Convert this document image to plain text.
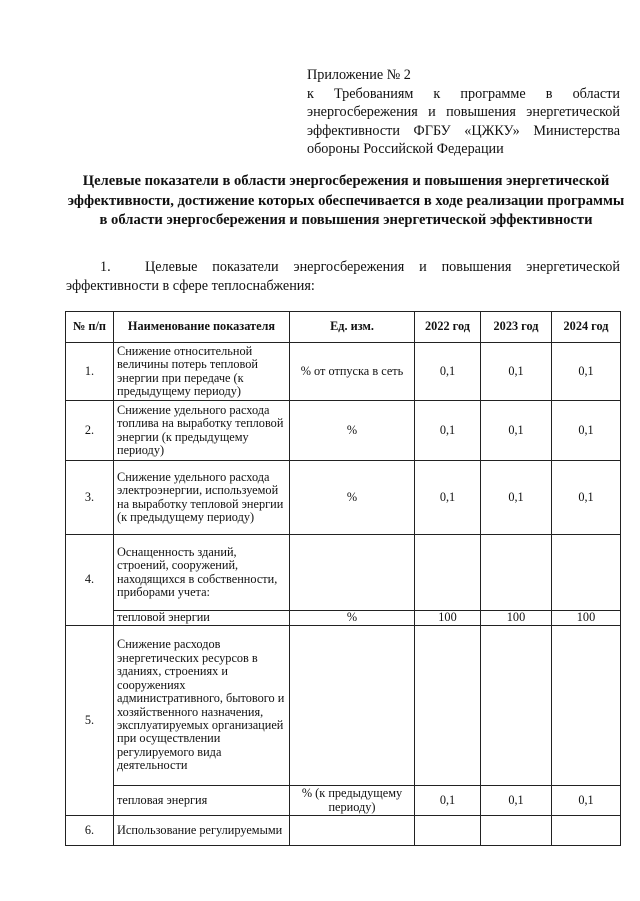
Приложение № 2
к Требованиям к программе в области энергосбережения и повышения энергетической эффективности ФГБУ «ЦЖКУ» Министерства обороны Российской Федерации
Целевые показатели в области энергосбережения и повышения энергетической эффективности, достижение которых обеспечивается в ходе реализации программы в области энергосбережения и повышения энергетической эффективности
1. Целевые показатели энергосбережения и повышения энергетической эффективности в сфере теплоснабжения:
№ п/п	Наименование показателя	Ед. изм.	2022 год	2023 год	2024 год
1.	Снижение относительной величины потерь тепловой энергии при передаче (к предыдущему периоду)	% от отпуска в сеть	0,1	0,1	0,1
2.	Снижение удельного расхода топлива на выработку тепловой энергии (к предыдущему периоду)	%	0,1	0,1	0,1
3.	Снижение удельного расхода электроэнергии, используемой на выработку тепловой энергии (к предыдущему периоду)	%	0,1	0,1	0,1
4.	Оснащенность зданий, строений, сооружений, находящихся в собственности, приборами учета:				
	тепловой энергии	%	100	100	100
5.	Снижение расходов энергетических ресурсов в зданиях, строениях и сооружениях административного, бытового и хозяйственного назначения, эксплуатируемых организацией при осуществлении регулируемого вида деятельности				
	тепловая энергия	% (к предыдущему периоду)	0,1	0,1	0,1
6.	Использование регулируемыми				
